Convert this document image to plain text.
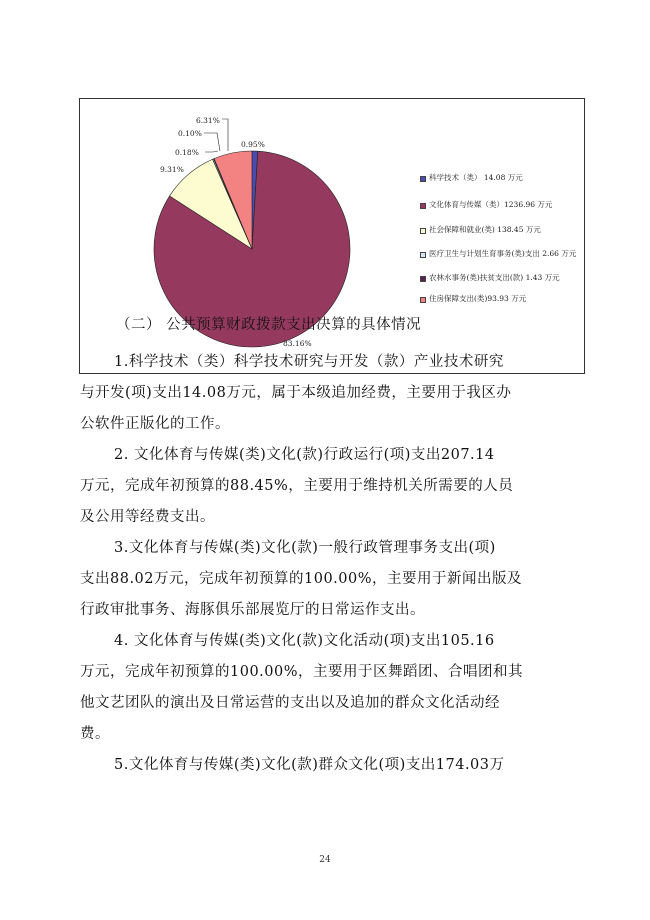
0.95%
83.16%
9.31%
0.18%
0.10%
6.31%
科学技术（类） 14.08 万元
文化体育与传媒（类）1236.96 万元
社会保障和就业(类) 138.45 万元
医疗卫生与计划生育事务(类)支出 2.66 万元
农林水事务(类)扶贫支出(款) 1.43 万元
住房保障支出(类)93.93 万元
（二） 公共预算财政拨款支出决算的具体情况
1.科学技术（类）科学技术研究与开发（款）产业技术研究
与开发(项)支出14.08万元，属于本级追加经费，主要用于我区办
公软件正版化的工作。
2. 文化体育与传媒(类)文化(款)行政运行(项)支出207.14
万元，完成年初预算的88.45%，主要用于维持机关所需要的人员
及公用等经费支出。
3.文化体育与传媒(类)文化(款)一般行政管理事务支出(项)
支出88.02万元，完成年初预算的100.00%，主要用于新闻出版及
行政审批事务、海豚俱乐部展览厅的日常运作支出。
4. 文化体育与传媒(类)文化(款)文化活动(项)支出105.16
万元，完成年初预算的100.00%，主要用于区舞蹈团、合唱团和其
他文艺团队的演出及日常运营的支出以及追加的群众文化活动经
费。
5.文化体育与传媒(类)文化(款)群众文化(项)支出174.03万
24
